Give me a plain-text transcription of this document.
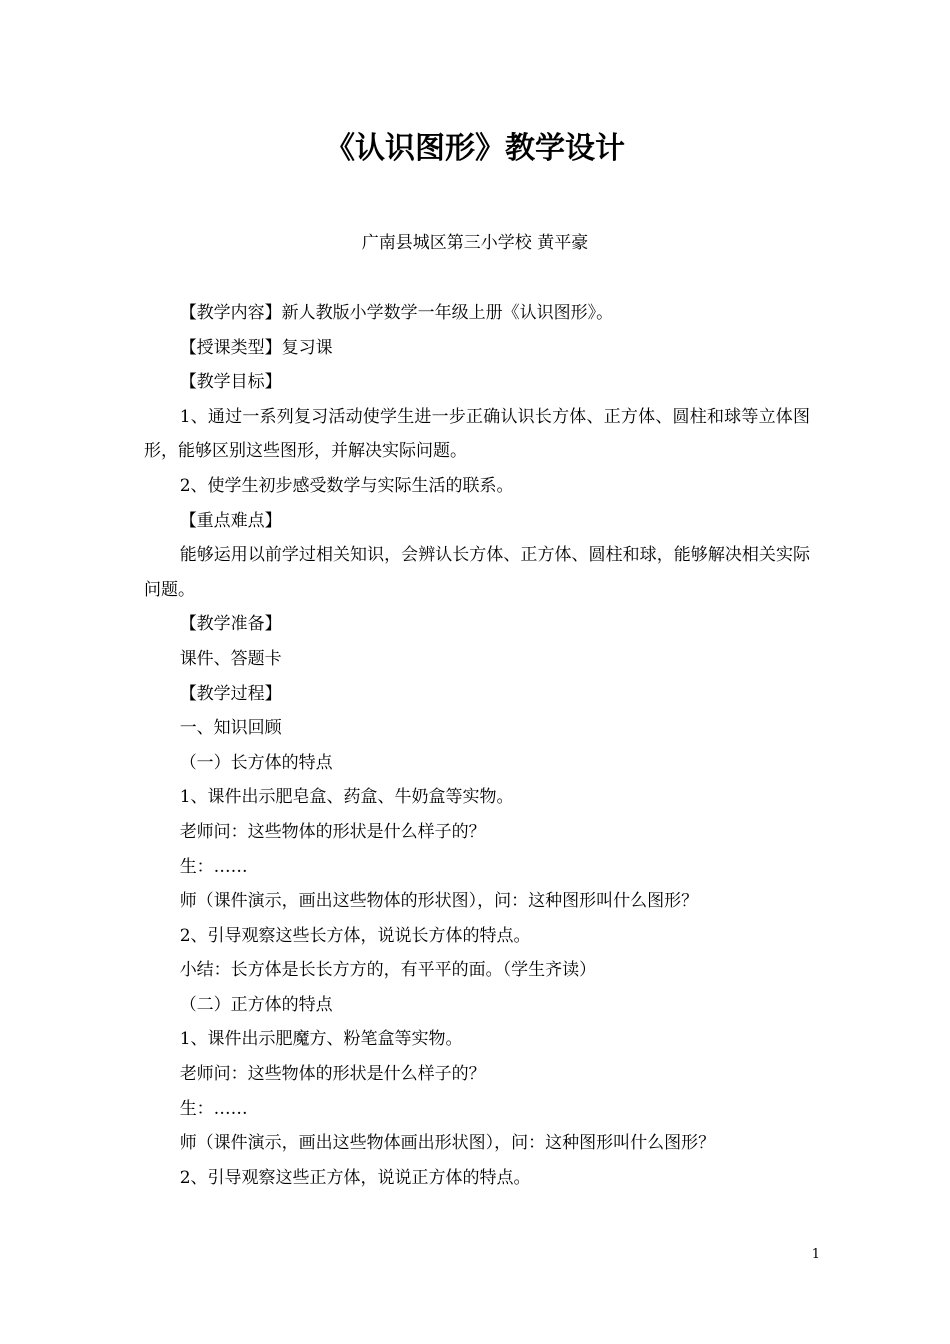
《认识图形》教学设计
广南县城区第三小学校 黄平豪

【教学内容】新人教版小学数学一年级上册《认识图形》。

【授课类型】复习课

【教学目标】

1、通过一系列复习活动使学生进一步正确认识长方体、正方体、圆柱和球等立体图形，能够区别这些图形，并解决实际问题。

2、使学生初步感受数学与实际生活的联系。

【重点难点】

能够运用以前学过相关知识，会辨认长方体、正方体、圆柱和球，能够解决相关实际问题。

【教学准备】

课件、答题卡

【教学过程】

一、知识回顾

（一）长方体的特点

1、课件出示肥皂盒、药盒、牛奶盒等实物。

老师问：这些物体的形状是什么样子的？

生：……

师（课件演示，画出这些物体的形状图），问：这种图形叫什么图形？

2、引导观察这些长方体，说说长方体的特点。

小结：长方体是长长方方的，有平平的面。（学生齐读）

（二）正方体的特点

1、课件出示肥魔方、粉笔盒等实物。

老师问：这些物体的形状是什么样子的？

生：……

师（课件演示，画出这些物体画出形状图），问：这种图形叫什么图形？

2、引导观察这些正方体，说说正方体的特点。

1
